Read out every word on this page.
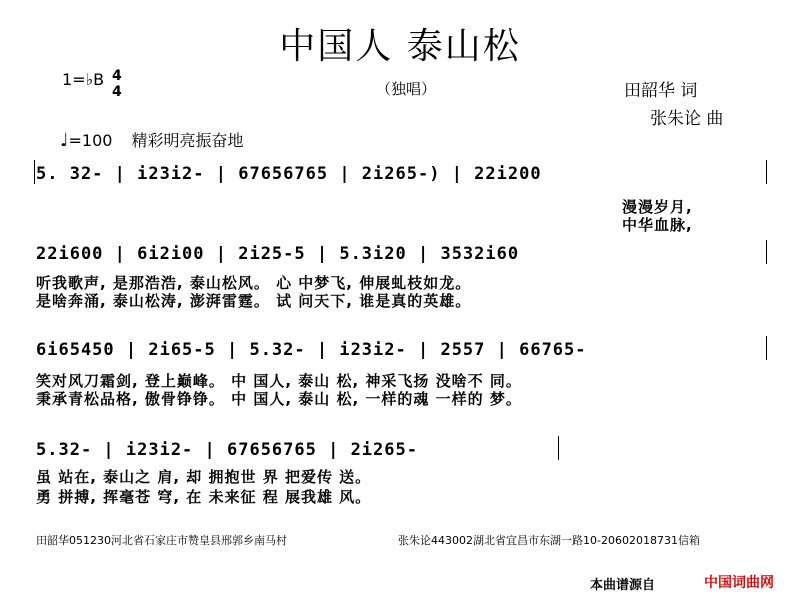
中国人 泰山松
（独唱）
1=♭B 4
4	田韶华 词
张朱论 曲
♩=100 精彩明亮振奋地
5. 32- | i23i2- | 67656765 | 2i265-) | 22i200
漫漫岁月,
中华血脉,
22i600 | 6i2i00 | 2i25-5 | 5.3i20 | 3532i60
听我歌声, 是那浩浩, 泰山松风。 心 中梦飞, 伸展虬枝如龙。
是啥奔涌, 泰山松涛, 澎湃雷霆。 试 问天下, 谁是真的英雄。
6i65450 | 2i65-5 | 5.32- | i23i2- | 2557 | 66765-
笑对风刀霜剑, 登上巅峰。 中 国人, 泰山 松, 神采飞扬 没啥不 同。
秉承青松品格, 傲骨铮铮。 中 国人, 泰山 松, 一样的魂 一样的 梦。
5.32- | i23i2- | 67656765 | 2i265-
虽 站在, 泰山之 肩, 却 拥抱世 界 把爱传 送。
勇 拼搏, 挥毫苍 穹, 在 未来征 程 展我雄 风。
田韶华051230河北省石家庄市赞皇县邢郭乡南马村	张朱论443002湖北省宜昌市东湖一路10-20602018731信箱
本曲谱源自	中国词曲网
